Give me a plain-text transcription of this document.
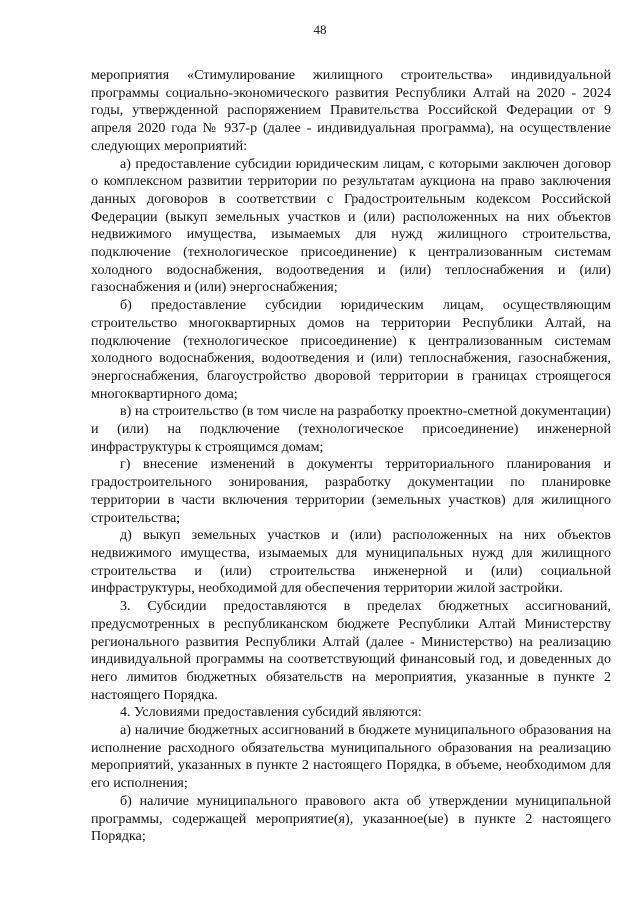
48

мероприятия «Стимулирование жилищного строительства» индивидуальной программы социально-экономического развития Республики Алтай на 2020 - 2024 годы, утвержденной распоряжением Правительства Российской Федерации от 9 апреля 2020 года № 937-р (далее - индивидуальная программа), на осуществление следующих мероприятий:

а) предоставление субсидии юридическим лицам, с которыми заключен договор о комплексном развитии территории по результатам аукциона на право заключения данных договоров в соответствии с Градостроительным кодексом Российской Федерации (выкуп земельных участков и (или) расположенных на них объектов недвижимого имущества, изымаемых для нужд жилищного строительства, подключение (технологическое присоединение) к централизованным системам холодного водоснабжения, водоотведения и (или) теплоснабжения и (или) газоснабжения и (или) энергоснабжения;

б) предоставление субсидии юридическим лицам, осуществляющим строительство многоквартирных домов на территории Республики Алтай, на подключение (технологическое присоединение) к централизованным системам холодного водоснабжения, водоотведения и (или) теплоснабжения, газоснабжения, энергоснабжения, благоустройство дворовой территории в границах строящегося многоквартирного дома;

в) на строительство (в том числе на разработку проектно-сметной документации) и (или) на подключение (технологическое присоединение) инженерной инфраструктуры к строящимся домам;

г) внесение изменений в документы территориального планирования и градостроительного зонирования, разработку документации по планировке территории в части включения территории (земельных участков) для жилищного строительства;

д) выкуп земельных участков и (или) расположенных на них объектов недвижимого имущества, изымаемых для муниципальных нужд для жилищного строительства и (или) строительства инженерной и (или) социальной инфраструктуры, необходимой для обеспечения территории жилой застройки.

3. Субсидии предоставляются в пределах бюджетных ассигнований, предусмотренных в республиканском бюджете Республики Алтай Министерству регионального развития Республики Алтай (далее - Министерство) на реализацию индивидуальной программы на соответствующий финансовый год, и доведенных до него лимитов бюджетных обязательств на мероприятия, указанные в пункте 2 настоящего Порядка.

4. Условиями предоставления субсидий являются:

а) наличие бюджетных ассигнований в бюджете муниципального образования на исполнение расходного обязательства муниципального образования на реализацию мероприятий, указанных в пункте 2 настоящего Порядка, в объеме, необходимом для его исполнения;

б) наличие муниципального правового акта об утверждении муниципальной программы, содержащей мероприятие(я), указанное(ые) в пункте 2 настоящего Порядка;
